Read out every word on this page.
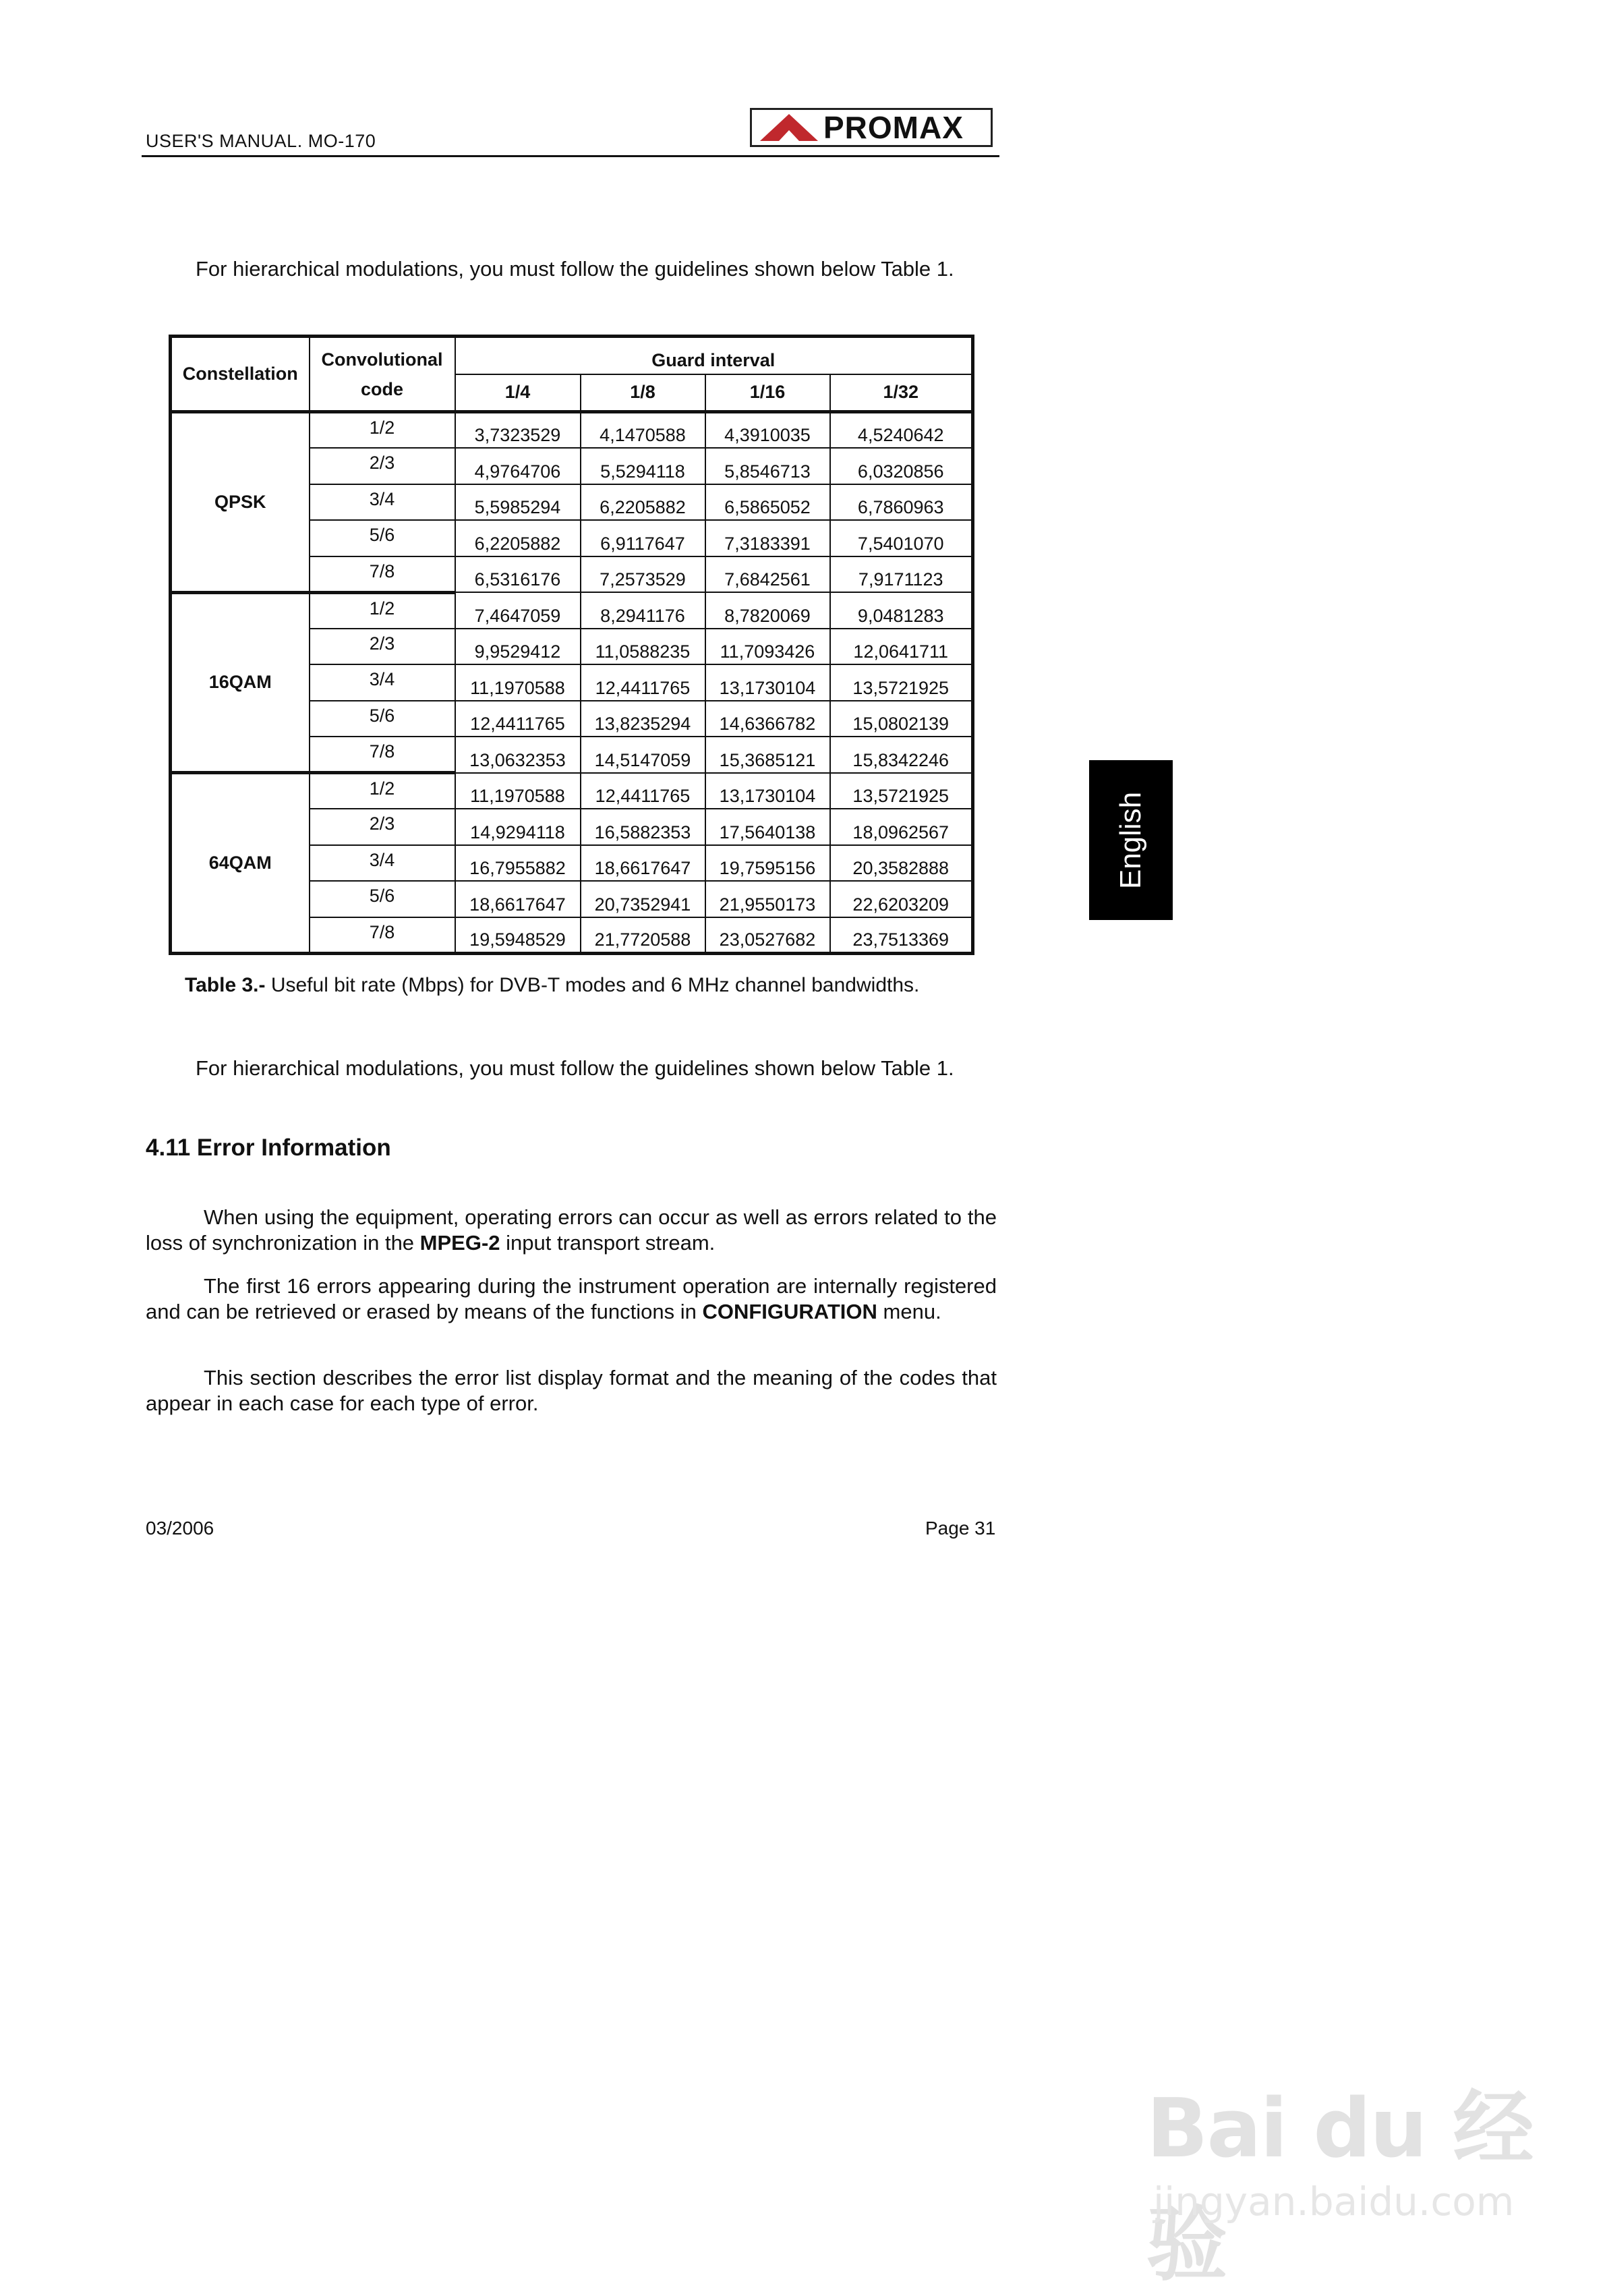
USER'S MANUAL. MO-170	PROMAX
For hierarchical modulations, you must follow the guidelines shown below Table 1.
Constellation	Convolutional code	Guard interval			
		1/4	1/8	1/16	1/32
QPSK	1/2	3,7323529	4,1470588	4,3910035	4,5240642
	2/3	4,9764706	5,5294118	5,8546713	6,0320856
	3/4	5,5985294	6,2205882	6,5865052	6,7860963
	5/6	6,2205882	6,9117647	7,3183391	7,5401070
	7/8	6,5316176	7,2573529	7,6842561	7,9171123
16QAM	1/2	7,4647059	8,2941176	8,7820069	9,0481283
	2/3	9,9529412	11,0588235	11,7093426	12,0641711
	3/4	11,1970588	12,4411765	13,1730104	13,5721925
	5/6	12,4411765	13,8235294	14,6366782	15,0802139
	7/8	13,0632353	14,5147059	15,3685121	15,8342246
64QAM	1/2	11,1970588	12,4411765	13,1730104	13,5721925
	2/3	14,9294118	16,5882353	17,5640138	18,0962567
	3/4	16,7955882	18,6617647	19,7595156	20,3582888
	5/6	18,6617647	20,7352941	21,9550173	22,6203209
	7/8	19,5948529	21,7720588	23,0527682	23,7513369
Table 3.- Useful bit rate (Mbps) for DVB-T modes and 6 MHz channel bandwidths.
For hierarchical modulations, you must follow the guidelines shown below Table 1.
4.11 Error Information
When using the equipment, operating errors can occur as well as errors related to the loss of synchronization in the MPEG-2 input transport stream.
The first 16 errors appearing during the instrument operation are internally registered and can be retrieved or erased by means of the functions in CONFIGURATION menu.
This section describes the error list display format and the meaning of the codes that appear in each case for each type of error.
03/2006	Page 31
English
Bai du 经验
jingyan.baidu.com
